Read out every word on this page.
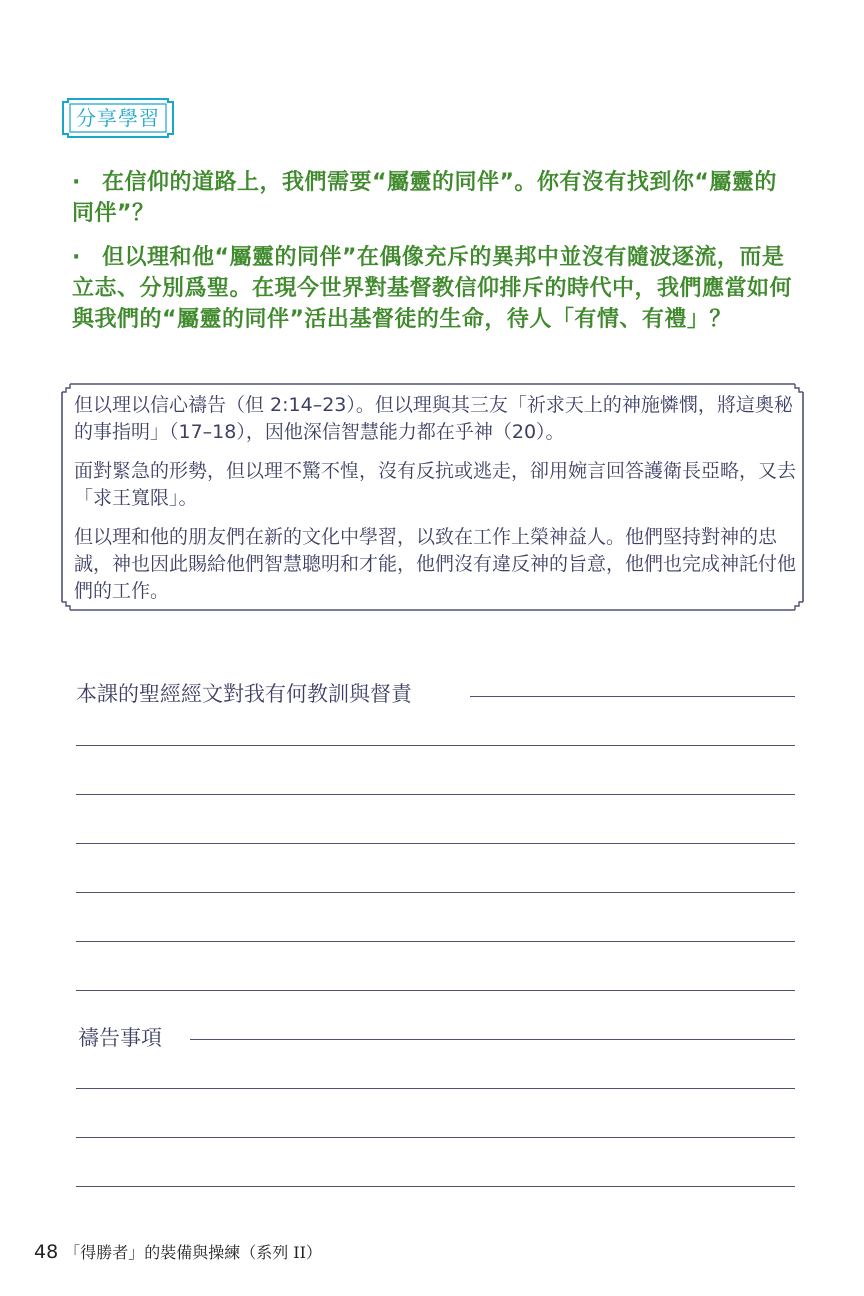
分享學習
· 在信仰的道路上，我們需要“屬靈的同伴”。你有沒有找到你“屬靈的同伴”？
· 但以理和他“屬靈的同伴”在偶像充斥的異邦中並沒有隨波逐流，而是立志、分別爲聖。在現今世界對基督教信仰排斥的時代中，我們應當如何與我們的“屬靈的同伴”活出基督徒的生命，待人「有情、有禮」？

但以理以信心禱告（但 2:14–23）。但以理與其三友「祈求天上的神施憐憫，將這奧秘的事指明」（17–18），因他深信智慧能力都在乎神（20）。

面對緊急的形勢，但以理不驚不惶，沒有反抗或逃走，卻用婉言回答護衛長亞略，又去「求王寬限」。

但以理和他的朋友們在新的文化中學習，以致在工作上榮神益人。他們堅持對神的忠誠，神也因此賜給他們智慧聰明和才能，他們沒有違反神的旨意，他們也完成神託付他們的工作。

本課的聖經經文對我有何教訓與督責
禱告事項
48 「得勝者」的裝備與操練（系列 II）
